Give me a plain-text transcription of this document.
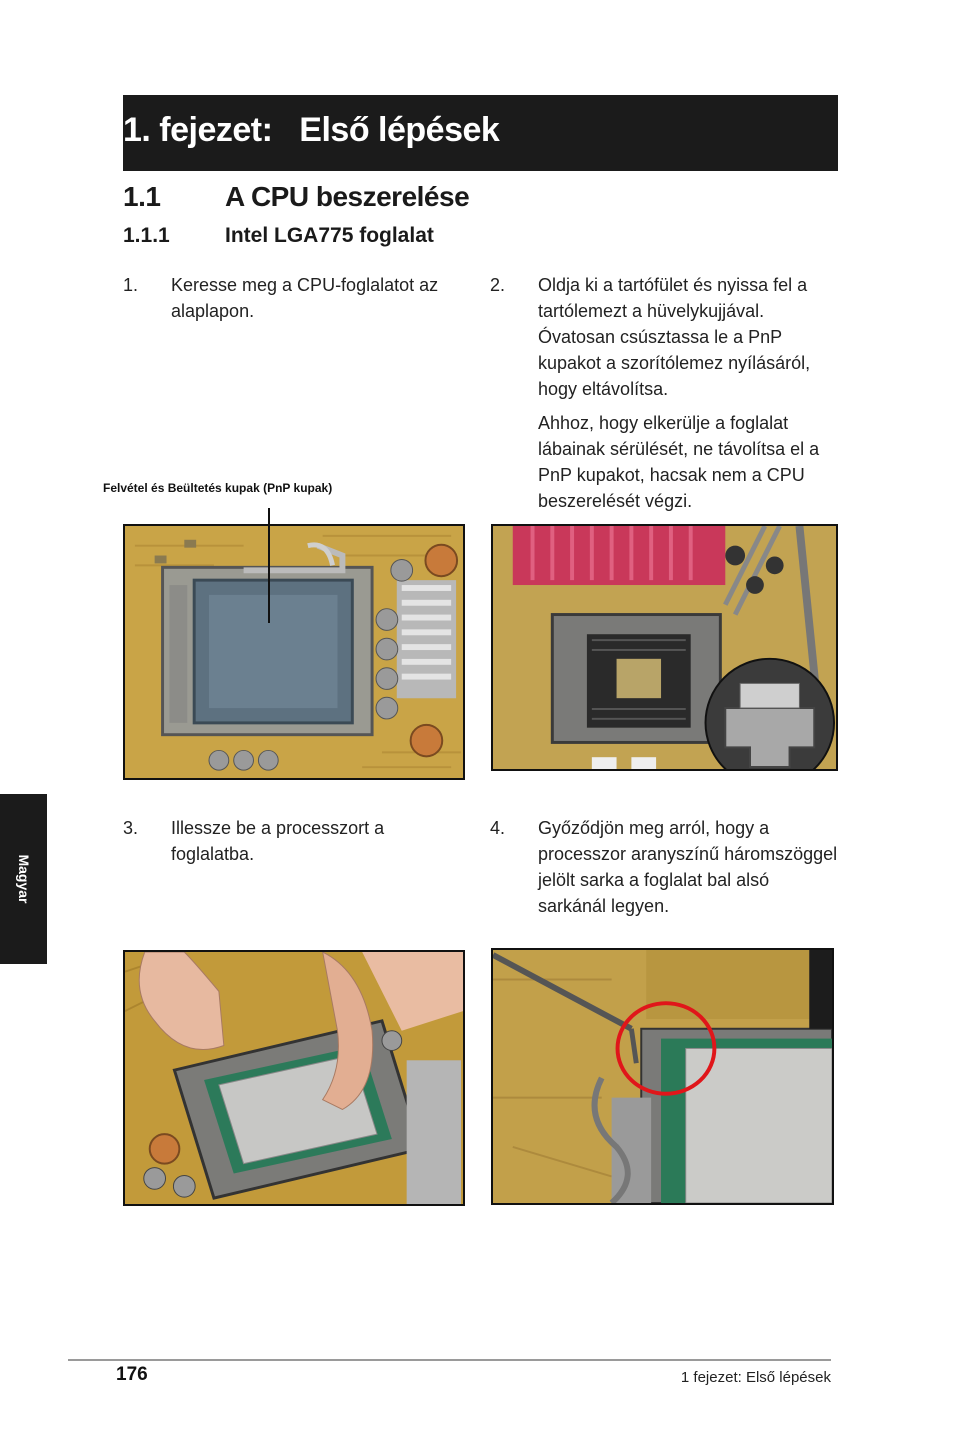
1. fejezet:   Első lépések
1.1 A CPU beszerelése
1.1.1	Intel LGA775 foglalat
1. Keresse meg a CPU-foglalatot az alaplapon.

2. Oldja ki a tartófület és nyissa fel a tartólemezt a hüvelykujjával. Óvatosan csúsztassa le a PnP kupakot a szorítólemez nyílásáról, hogy eltávolítsa.

Ahhoz, hogy elkerülje a foglalat lábainak sérülését, ne távolítsa el a PnP kupakot, hacsak nem a CPU beszerelését végzi.

Felvétel és Beültetés kupak (PnP kupak)
3. Illessze be a processzort a foglalatba.

4. Győződjön meg arról, hogy a processzor aranyszínű háromszöggel jelölt sarka a foglalat bal alsó sarkánál legyen.

Magyar
176	1 fejezet: Első lépések
